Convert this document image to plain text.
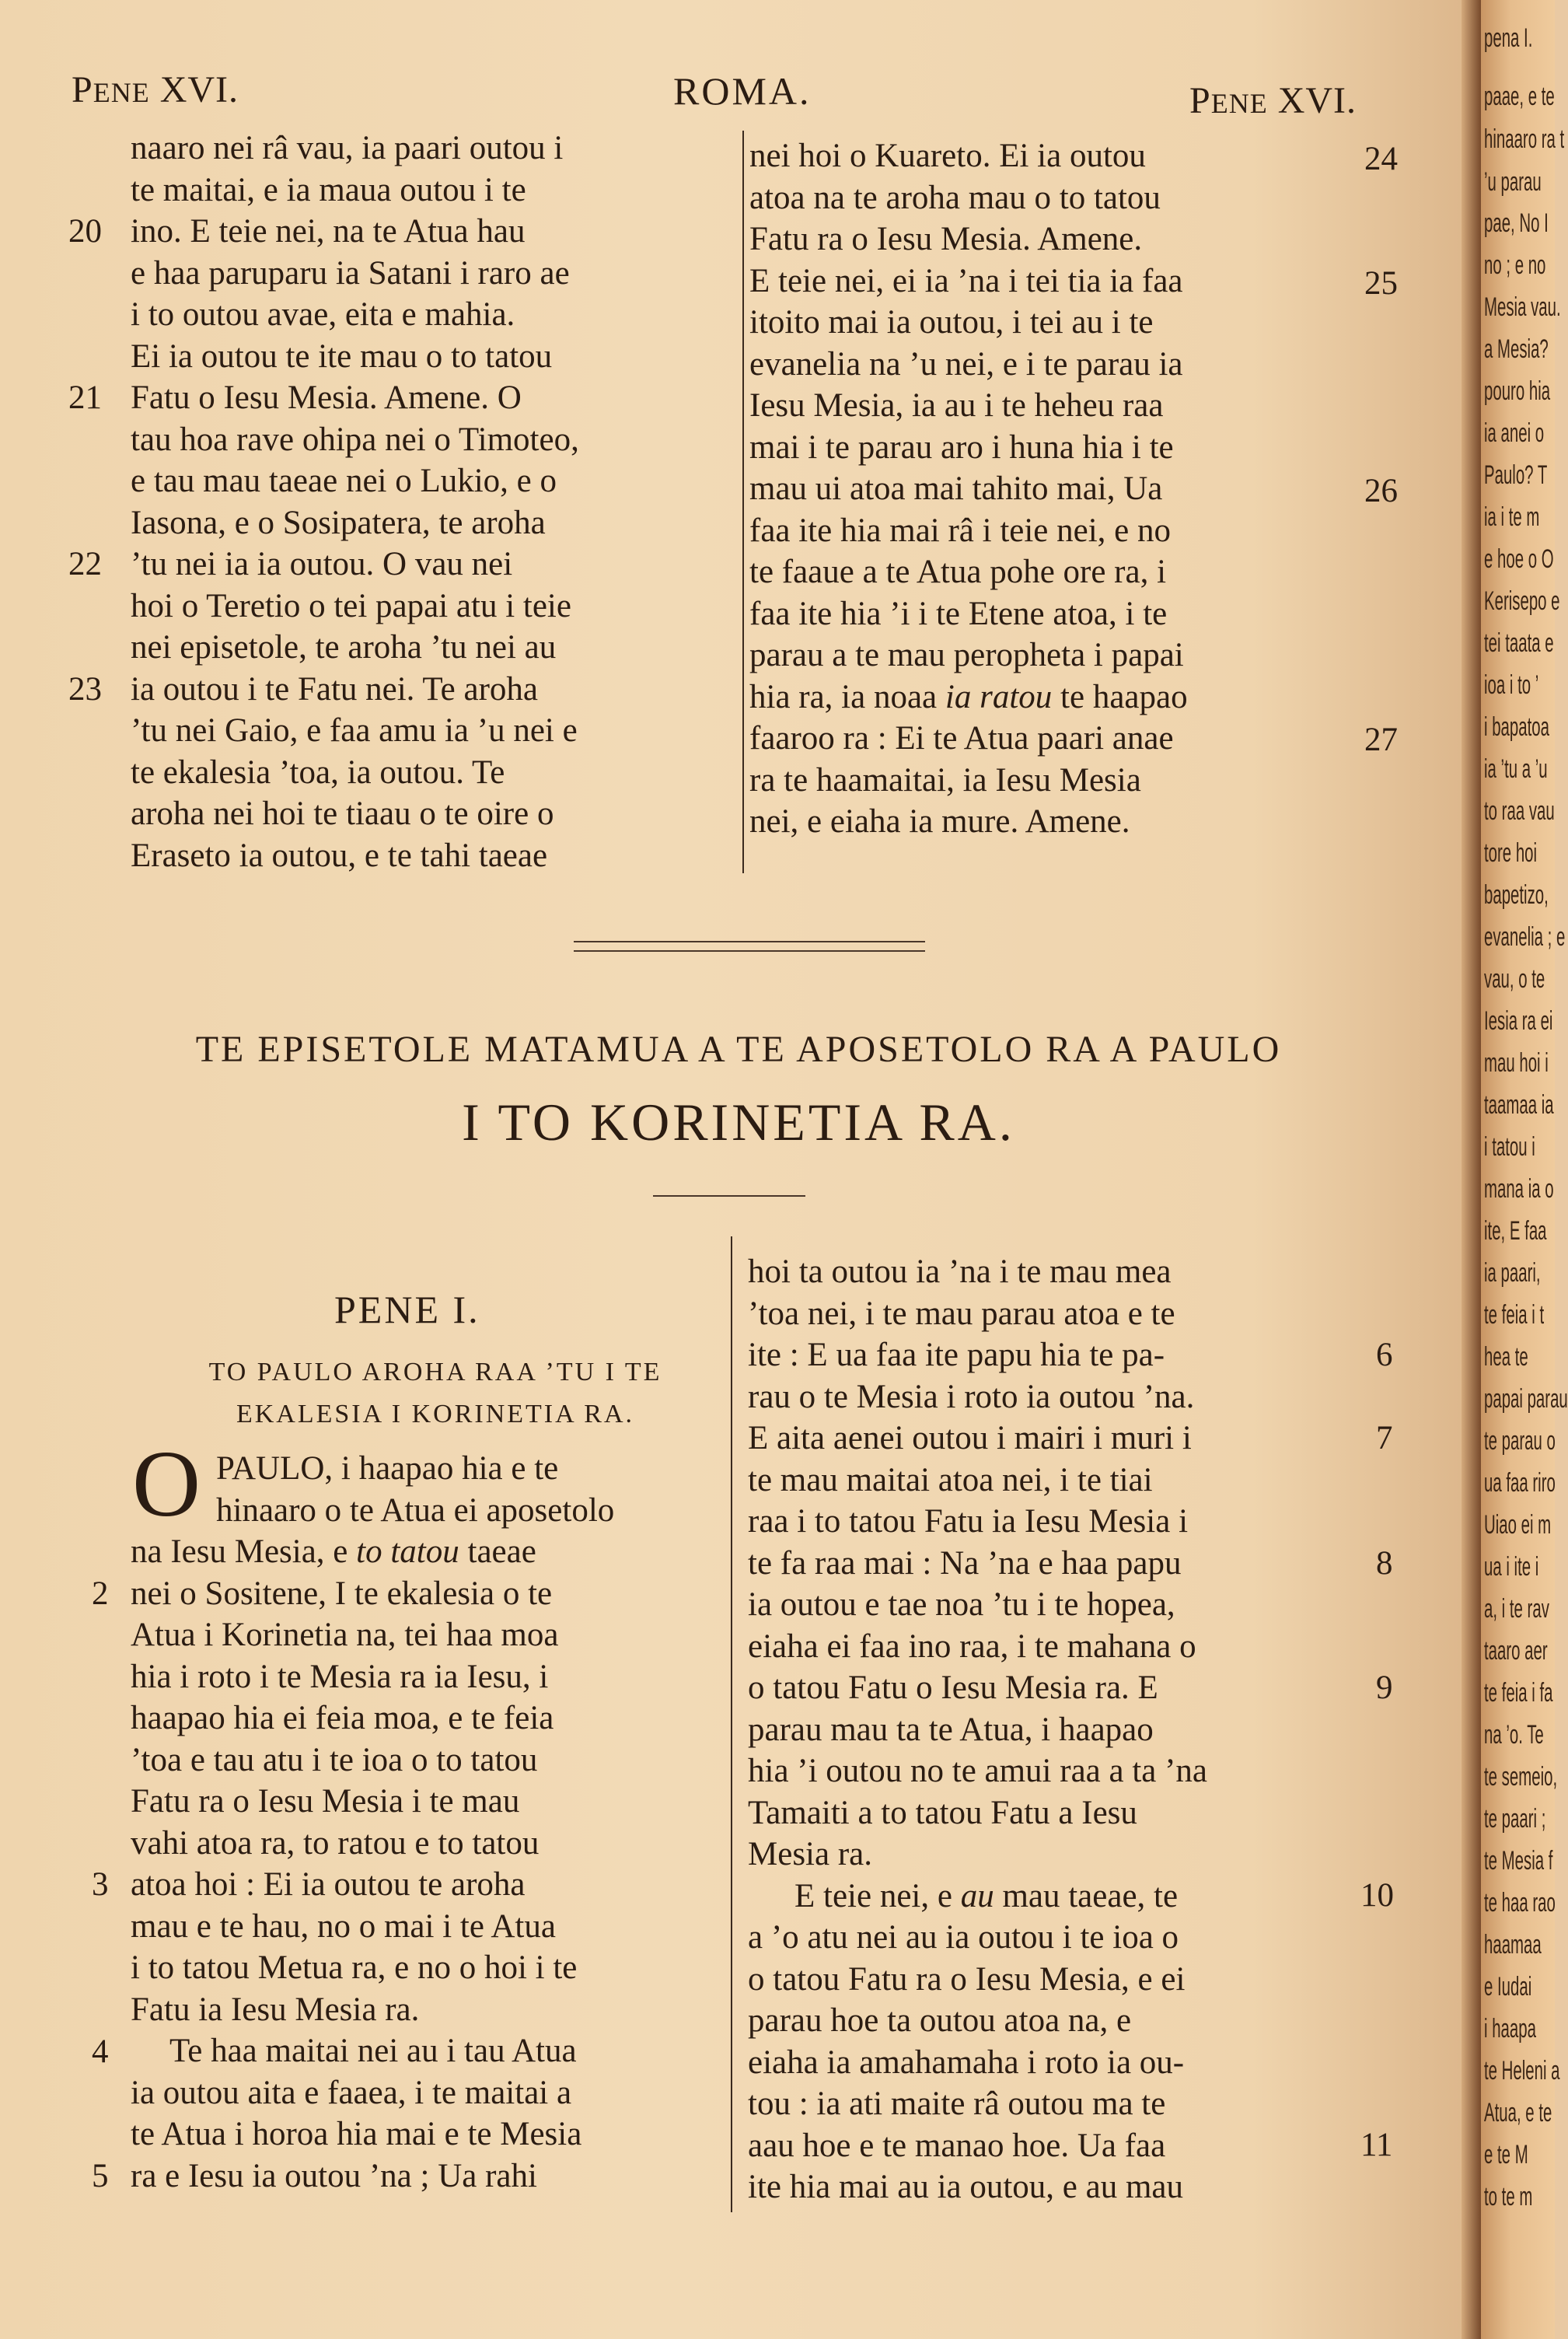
PENE XVI.	ROMA.	PENE XVI.
naaro nei râ vau, ia paari outou i
te maitai, e ia maua outou i te
ino. E teie nei, na te Atua hau
e haa paruparu ia Satani i raro ae
i to outou avae, eita e mahia.
Ei ia outou te ite mau o to tatou
Fatu o Iesu Mesia. Amene. O
tau hoa rave ohipa nei o Timoteo,
e tau mau taeae nei o Lukio, e o
Iasona, e o Sosipatera, te aroha
’tu nei ia ia outou. O vau nei
hoi o Teretio o tei papai atu i teie
nei episetole, te aroha ’tu nei au
ia outou i te Fatu nei. Te aroha
’tu nei Gaio, e faa amu ia ’u nei e
te ekalesia ’toa, ia outou. Te
aroha nei hoi te tiaau o te oire o
Eraseto ia outou, e te tahi taeae
20
21
22
23
nei hoi o Kuareto. Ei ia outou
atoa na te aroha mau o to tatou
Fatu ra o Iesu Mesia. Amene.
E teie nei, ei ia ’na i tei tia ia faa
itoito mai ia outou, i tei au i te
evanelia na ’u nei, e i te parau ia
Iesu Mesia, ia au i te heheu raa
mai i te parau aro i huna hia i te
mau ui atoa mai tahito mai, Ua
faa ite hia mai râ i teie nei, e no
te faaue a te Atua pohe ore ra, i
faa ite hia ’i i te Etene atoa, i te
parau a te mau peropheta i papai
hia ra, ia noaa ia ratou te haapao
faaroo ra : Ei te Atua paari anae
ra te haamaitai, ia Iesu Mesia
nei, e eiaha ia mure. Amene.
24
25
26
27
TE EPISETOLE MATAMUA A TE APOSETOLO RA A PAULO
I TO KORINETIA RA.
PENE I.
TO PAULO AROHA RAA ’TU I TE
EKALESIA I KORINETIA RA.
O PAULO, i haapao hia e te
hinaaro o te Atua ei aposetolo
na Iesu Mesia, e to tatou taeae
nei o Sositene, I te ekalesia o te
Atua i Korinetia na, tei haa moa
hia i roto i te Mesia ra ia Iesu, i
haapao hia ei feia moa, e te feia
’toa e tau atu i te ioa o to tatou
Fatu ra o Iesu Mesia i te mau
vahi atoa ra, to ratou e to tatou
atoa hoi : Ei ia outou te aroha
mau e te hau, no o mai i te Atua
i to tatou Metua ra, e no o hoi i te
Fatu ia Iesu Mesia ra.
Te haa maitai nei au i tau Atua
ia outou aita e faaea, i te maitai a
te Atua i horoa hia mai e te Mesia
ra e Iesu ia outou ’na ; Ua rahi
2
3
4
5
hoi ta outou ia ’na i te mau mea
’toa nei, i te mau parau atoa e te
ite : E ua faa ite papu hia te pa-
rau o te Mesia i roto ia outou ’na.
E aita aenei outou i mairi i muri i
te mau maitai atoa nei, i te tiai
raa i to tatou Fatu ia Iesu Mesia i
te fa raa mai : Na ’na e haa papu
ia outou e tae noa ’tu i te hopea,
eiaha ei faa ino raa, i te mahana o
o tatou Fatu o Iesu Mesia ra. E
parau mau ta te Atua, i haapao
hia ’i outou no te amui raa a ta ’na
Tamaiti a to tatou Fatu a Iesu
Mesia ra.
E teie nei, e au mau taeae, te
a ’o atu nei au ia outou i te ioa o
o tatou Fatu ra o Iesu Mesia, e ei
parau hoe ta outou atoa na, e
eiaha ia amahamaha i roto ia ou-
tou : ia ati maite râ outou ma te
aau hoe e te manao hoe. Ua faa
ite hia mai au ia outou, e au mau
6
7
8
9
10
11
pena I.
paae, e te
hinaaro ra t
’u parau
pae, No I
no ; e no
Mesia vau.
a Mesia?
pouro hia
ia anei o
Paulo? T
ia i te m
e hoe o O
Kerisepo e
tei taata e
ioa i to ’
i bapatoa
ia ’tu a ’u
to raa vau
tore hoi
bapetizo,
evanelia ; e
vau, o te
Iesia ra ei
mau hoi i
taamaa ia
i tatou i
mana ia o
ite, E faa
ia paari,
te feia i t
hea te
papai parau
te parau o
ua faa riro
Uiao ei m
ua i ite i
a, i te rav
taaro aer
te feia i fa
na ’o. Te
te semeio,
te paari ;
te Mesia f
te haa rao
haamaa
e Iudai
i haapa
te Heleni a
Atua, e te
e te M
to te m
